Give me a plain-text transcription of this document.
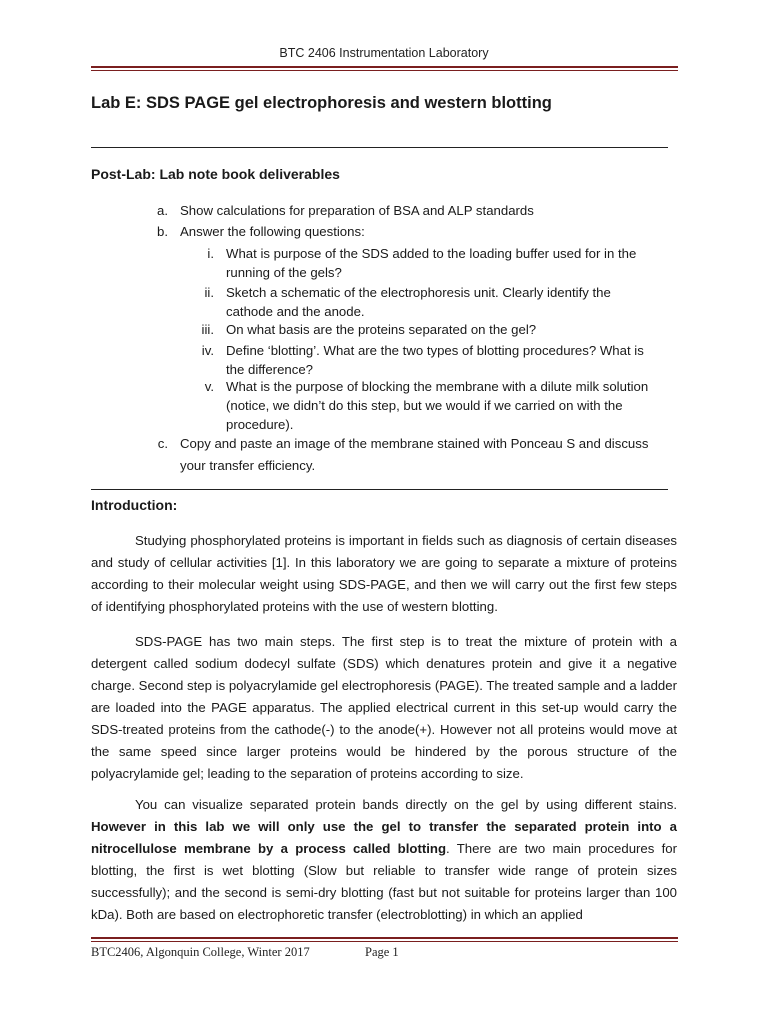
BTC 2406 Instrumentation Laboratory
Lab E: SDS PAGE gel electrophoresis and western blotting
Post-Lab: Lab note book deliverables
a. Show calculations for preparation of BSA and ALP standards
b. Answer the following questions:
i. What is purpose of the SDS added to the loading buffer used for in the
running of the gels?
ii. Sketch a schematic of the electrophoresis unit. Clearly identify the
cathode and the anode.
iii. On what basis are the proteins separated on the gel?
iv. Define ‘blotting’. What are the two types of blotting procedures? What is
the difference?
v. What is the purpose of blocking the membrane with a dilute milk solution
(notice, we didn’t do this step, but we would if we carried on with the
procedure).
c. Copy and paste an image of the membrane stained with Ponceau S and discuss
your transfer efficiency.
Introduction:
Studying phosphorylated proteins is important in fields such as diagnosis of certain diseases and study of cellular activities [1]. In this laboratory we are going to separate a mixture of proteins according to their molecular weight using SDS-PAGE, and then we will carry out the first few steps of identifying phosphorylated proteins with the use of western blotting.
SDS-PAGE has two main steps. The first step is to treat the mixture of protein with a detergent called sodium dodecyl sulfate (SDS) which denatures protein and give it a negative charge. Second step is polyacrylamide gel electrophoresis (PAGE). The treated sample and a ladder are loaded into the PAGE apparatus. The applied electrical current in this set-up would carry the SDS-treated proteins from the cathode(-) to the anode(+). However not all proteins would move at the same speed since larger proteins would be hindered by the porous structure of the polyacrylamide gel; leading to the separation of proteins according to size.
You can visualize separated protein bands directly on the gel by using different stains. However in this lab we will only use the gel to transfer the separated protein into a nitrocellulose membrane by a process called blotting. There are two main procedures for blotting, the first is wet blotting (Slow but reliable to transfer wide range of protein sizes successfully); and the second is semi-dry blotting (fast but not suitable for proteins larger than 100 kDa). Both are based on electrophoretic transfer (electroblotting) in which an applied
BTC2406, Algonquin College, Winter 2017	Page 1
